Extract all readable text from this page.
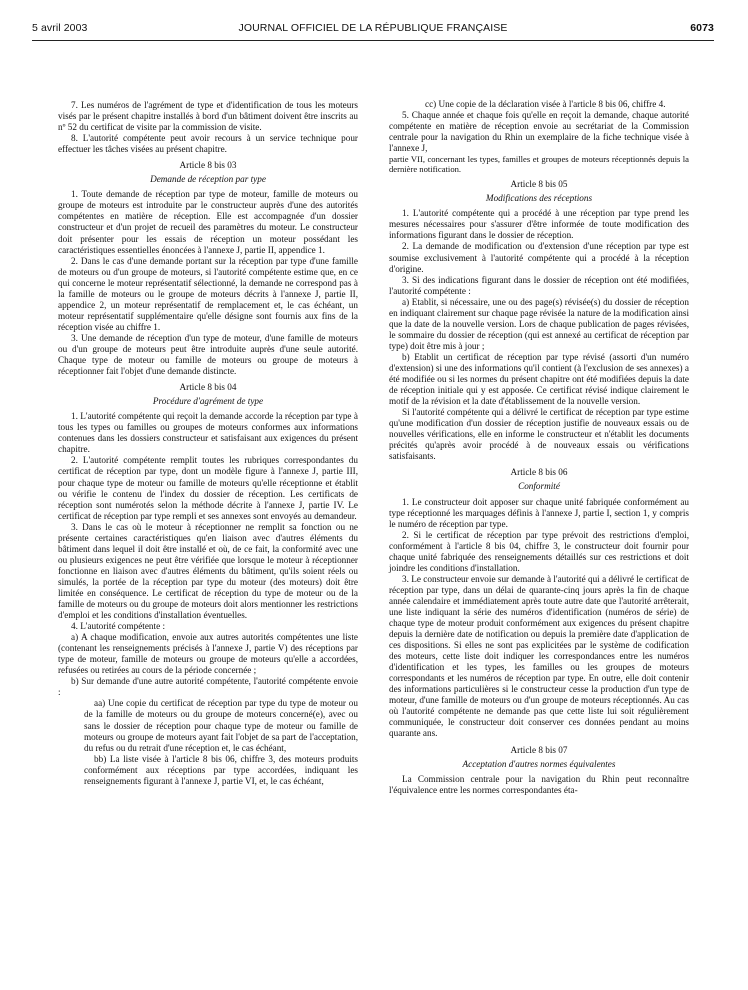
5 avril 2003	JOURNAL OFFICIEL DE LA RÉPUBLIQUE FRANÇAISE	6073

7. Les numéros de l'agrément de type et d'identification de tous les moteurs visés par le présent chapitre installés à bord d'un bâtiment doivent être inscrits au nº 52 du certificat de visite par la commission de visite.

8. L'autorité compétente peut avoir recours à un service technique pour effectuer les tâches visées au présent chapitre.

Article 8 bis 03
Demande de réception par type

1. Toute demande de réception par type de moteur, famille de moteurs ou groupe de moteurs est introduite par le constructeur auprès d'une des autorités compétentes en matière de réception. Elle est accompagnée d'un dossier constructeur et d'un projet de recueil des paramètres du moteur. Le constructeur doit présenter pour les essais de réception un moteur possédant les caractéristiques essentielles énoncées à l'annexe J, partie II, appendice 1.

2. Dans le cas d'une demande portant sur la réception par type d'une famille de moteurs ou d'un groupe de moteurs, si l'autorité compétente estime que, en ce qui concerne le moteur représentatif sélectionné, la demande ne correspond pas à la famille de moteurs ou le groupe de moteurs décrits à l'annexe J, partie II, appendice 2, un moteur représentatif de remplacement et, le cas échéant, un moteur représentatif supplémentaire qu'elle désigne sont fournis aux fins de la réception visée au chiffre 1.

3. Une demande de réception d'un type de moteur, d'une famille de moteurs ou d'un groupe de moteurs peut être introduite auprès d'une seule autorité. Chaque type de moteur ou famille de moteurs ou groupe de moteurs à réceptionner fait l'objet d'une demande distincte.

Article 8 bis 04
Procédure d'agrément de type

1. L'autorité compétente qui reçoit la demande accorde la réception par type à tous les types ou familles ou groupes de moteurs conformes aux informations contenues dans les dossiers constructeur et satisfaisant aux exigences du présent chapitre.

2. L'autorité compétente remplit toutes les rubriques correspondantes du certificat de réception par type, dont un modèle figure à l'annexe J, partie III, pour chaque type de moteur ou famille de moteurs qu'elle réceptionne et établit ou vérifie le contenu de l'index du dossier de réception. Les certificats de réception sont numérotés selon la méthode décrite à l'annexe J, partie IV. Le certificat de réception par type rempli et ses annexes sont envoyés au demandeur.

3. Dans le cas où le moteur à réceptionner ne remplit sa fonction ou ne présente certaines caractéristiques qu'en liaison avec d'autres éléments du bâtiment dans lequel il doit être installé et où, de ce fait, la conformité avec une ou plusieurs exigences ne peut être vérifiée que lorsque le moteur à réceptionner fonctionne en liaison avec d'autres éléments du bâtiment, qu'ils soient réels ou simulés, la portée de la réception par type du moteur (des moteurs) doit être limitée en conséquence. Le certificat de réception du type de moteur ou de la famille de moteurs ou du groupe de moteurs doit alors mentionner les restrictions d'emploi et les conditions d'installation éventuelles.

4. L'autorité compétente :

a) A chaque modification, envoie aux autres autorités compétentes une liste (contenant les renseignements précisés à l'annexe J, partie V) des réceptions par type de moteur, famille de moteurs ou groupe de moteurs qu'elle a accordées, refusées ou retirées au cours de la période concernée ;

b) Sur demande d'une autre autorité compétente, l'autorité compétente envoie :

aa) Une copie du certificat de réception par type du type de moteur ou de la famille de moteurs ou du groupe de moteurs concerné(e), avec ou sans le dossier de réception pour chaque type de moteur ou famille de moteurs ou groupe de moteurs ayant fait l'objet de sa part de l'acceptation, du refus ou du retrait d'une réception et, le cas échéant,

bb) La liste visée à l'article 8 bis 06, chiffre 3, des moteurs produits conformément aux réceptions par type accordées, indiquant les renseignements figurant à l'annexe J, partie VI, et, le cas échéant,

cc) Une copie de la déclaration visée à l'article 8 bis 06, chiffre 4.

5. Chaque année et chaque fois qu'elle en reçoit la demande, chaque autorité compétente en matière de réception envoie au secrétariat de la Commission centrale pour la navigation du Rhin un exemplaire de la fiche technique visée à l'annexe J,

partie VII, concernant les types, familles et groupes de moteurs réceptionnés depuis la dernière notification.

Article 8 bis 05
Modifications des réceptions

1. L'autorité compétente qui a procédé à une réception par type prend les mesures nécessaires pour s'assurer d'être informée de toute modification des informations figurant dans le dossier de réception.

2. La demande de modification ou d'extension d'une réception par type est soumise exclusivement à l'autorité compétente qui a procédé à la réception d'origine.

3. Si des indications figurant dans le dossier de réception ont été modifiées, l'autorité compétente :

a) Etablit, si nécessaire, une ou des page(s) révisée(s) du dossier de réception en indiquant clairement sur chaque page révisée la nature de la modification ainsi que la date de la nouvelle version. Lors de chaque publication de pages révisées, le sommaire du dossier de réception (qui est annexé au certificat de réception par type) doit être mis à jour ;

b) Etablit un certificat de réception par type révisé (assorti d'un numéro d'extension) si une des informations qu'il contient (à l'exclusion de ses annexes) a été modifiée ou si les normes du présent chapitre ont été modifiées depuis la date de réception initiale qui y est apposée. Ce certificat révisé indique clairement le motif de la révision et la date d'établissement de la nouvelle version.

Si l'autorité compétente qui a délivré le certificat de réception par type estime qu'une modification d'un dossier de réception justifie de nouveaux essais ou de nouvelles vérifications, elle en informe le constructeur et n'établit les documents précités qu'après avoir procédé à de nouveaux essais ou vérifications satisfaisants.

Article 8 bis 06
Conformité

1. Le constructeur doit apposer sur chaque unité fabriquée conformément au type réceptionné les marquages définis à l'annexe J, partie I, section 1, y compris le numéro de réception par type.

2. Si le certificat de réception par type prévoit des restrictions d'emploi, conformément à l'article 8 bis 04, chiffre 3, le constructeur doit fournir pour chaque unité fabriquée des renseignements détaillés sur ces restrictions et doit joindre les conditions d'installation.

3. Le constructeur envoie sur demande à l'autorité qui a délivré le certificat de réception par type, dans un délai de quarante-cinq jours après la fin de chaque année calendaire et immédiatement après toute autre date que l'autorité arrêterait, une liste indiquant la série des numéros d'identification (numéros de série) de chaque type de moteur produit conformément aux exigences du présent chapitre depuis la dernière date de notification ou depuis la première date d'application de ces dispositions. Si elles ne sont pas explicitées par le système de codification des moteurs, cette liste doit indiquer les correspondances entre les numéros d'identification et les types, les familles ou les groupes de moteurs correspondants et les numéros de réception par type. En outre, elle doit contenir des informations particulières si le constructeur cesse la production d'un type de moteur, d'une famille de moteurs ou d'un groupe de moteurs réceptionnés. Au cas où l'autorité compétente ne demande pas que cette liste lui soit régulièrement communiquée, le constructeur doit conserver ces données pendant au moins quarante ans.

Article 8 bis 07
Acceptation d'autres normes équivalentes

La Commission centrale pour la navigation du Rhin peut reconnaître l'équivalence entre les normes correspondantes éta-
